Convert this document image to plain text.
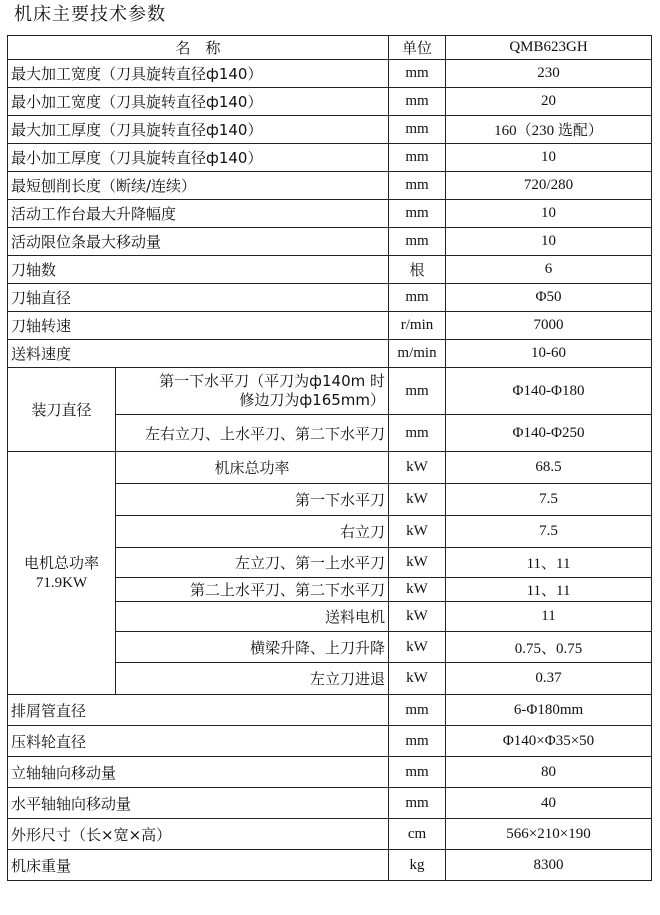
机床主要技术参数
名　称		单位	QMB623GH
最大加工宽度（刀具旋转直径ф140）		mm	230
最小加工宽度（刀具旋转直径ф140）		mm	20
最大加工厚度（刀具旋转直径ф140）		mm	160（230 选配）
最小加工厚度（刀具旋转直径ф140）		mm	10
最短刨削长度（断续/连续）		mm	720/280
活动工作台最大升降幅度		mm	10
活动限位条最大移动量		mm	10
刀轴数		根	6
刀轴直径		mm	Φ50
刀轴转速		r/min	7000
送料速度		m/min	10-60
装刀直径	第一下水平刀（平刀为ф140m 时
修边刀为ф165mm）	mm	Φ140-Φ180
	左右立刀、上水平刀、第二下水平刀	mm	Φ140-Φ250

电机总功率
71.9KW	机床总功率	kW	68.5
	第一下水平刀	kW	7.5
	右立刀	kW	7.5
	左立刀、第一上水平刀	kW	11、11
	第二上水平刀、第二下水平刀	kW	11、11
	送料电机	kW	11
	横梁升降、上刀升降	kW	0.75、0.75
	左立刀进退	kW	0.37
排屑管直径		mm	6-Φ180mm
压料轮直径		mm	Φ140×Φ35×50
立轴轴向移动量		mm	80
水平轴轴向移动量		mm	40
外形尺寸（长×宽×高）		cm	566×210×190
机床重量		kg	8300
